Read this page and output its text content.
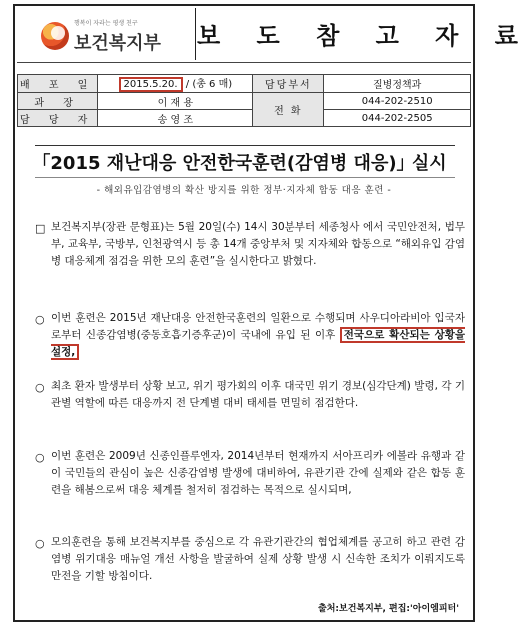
행복이 자라는 평생 친구
보건복지부 보 도 참 고 자 료
배 포 일	2015.5.20. / (총 6 매)	담당부서	질병정책과
과 장	이 재 용	전 화	044-202-2510
담 당 자	송 영 조		044-202-2505
｢2015 재난대응 안전한국훈련(감염병 대응)｣ 실시
- 해외유입감염병의 확산 방지를 위한 정부·지자체 합동 대응 훈련 -
□ 보건복지부(장관 문형표)는 5월 20일(수) 14시 30분부터 세종청사 에서 국민안전처, 법무부, 교육부, 국방부, 인천광역시 등 총 14개 중앙부처 및 지자체와 합동으로 “해외유입 감염병 대응체계 점검을 위한 모의 훈련”을 실시한다고 밝혔다.
○ 이번 훈련은 2015년 재난대응 안전한국훈련의 일환으로 수행되며 사우디아라비아 입국자로부터 신종감염병(중동호흡기증후군)이 국내에 유입 된 이후 전국으로 확산되는 상황을 설정,
○ 최초 환자 발생부터 상황 보고, 위기 평가회의 이후 대국민 위기 경보(심각단계) 발령, 각 기관별 역할에 따른 대응까지 전 단계별 대비 태세를 면밀히 점검한다.
○ 이번 훈련은 2009년 신종인플루엔자, 2014년부터 현재까지 서아프리카 에볼라 유행과 같이 국민들의 관심이 높은 신종감염병 발생에 대비하여, 유관기관 간에 실제와 같은 합동 훈련을 해봄으로써 대응 체계를 철저히 점검하는 목적으로 실시되며,
○ 모의훈련을 통해 보건복지부를 중심으로 각 유관기관간의 협업체계를 공고히 하고 관련 감염병 위기대응 매뉴얼 개선 사항을 발굴하여 실제 상황 발생 시 신속한 조치가 이뤄지도록 만전을 기할 방침이다.
출처:보건복지부, 편집:'아이엠피터'
